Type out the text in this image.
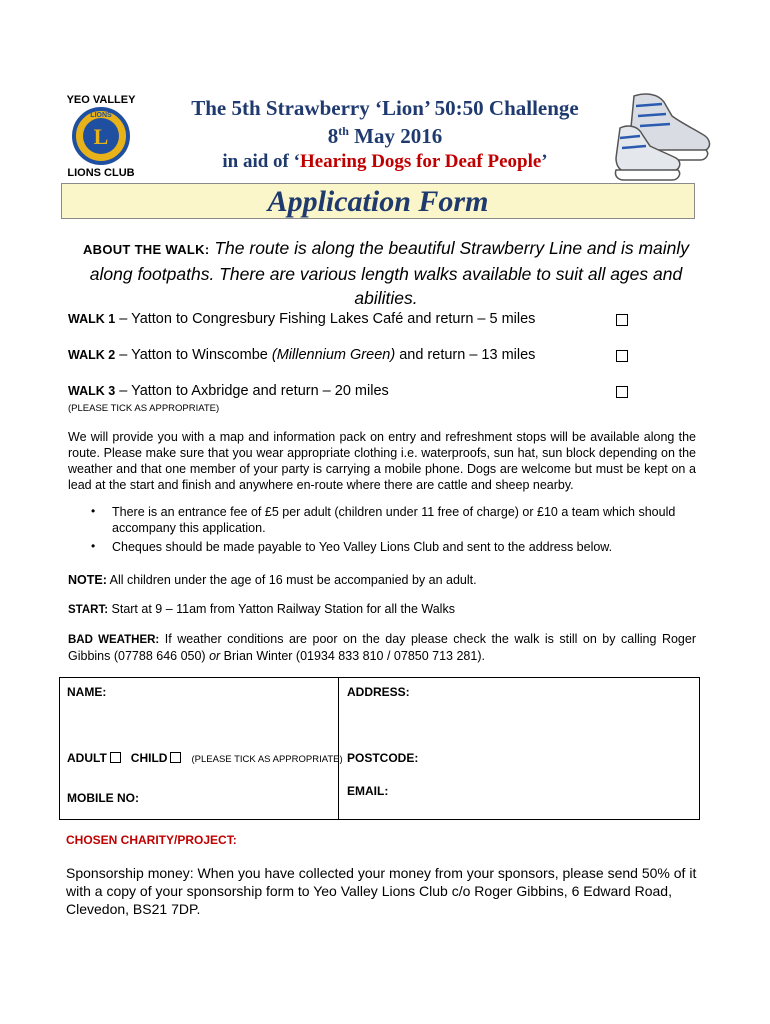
YEO VALLEY
L
LIONS
LIONS CLUB
The 5th Strawberry ‘Lion’ 50:50 Challenge
8th May 2016
in aid of ‘Hearing Dogs for Deaf People’
Application Form
ABOUT THE WALK: The route is along the beautiful Strawberry Line and is mainly along footpaths. There are various length walks available to suit all ages and abilities.
WALK 1 – Yatton to Congresbury Fishing Lakes Café and return – 5 miles
WALK 2 – Yatton to Winscombe (Millennium Green) and return – 13 miles
WALK 3 – Yatton to Axbridge and return – 20 miles
(PLEASE TICK AS APPROPRIATE)
We will provide you with a map and information pack on entry and refreshment stops will be available along the route. Please make sure that you wear appropriate clothing i.e. waterproofs, sun hat, sun block depending on the weather and that one member of your party is carrying a mobile phone. Dogs are welcome but must be kept on a lead at the start and finish and anywhere en-route where there are cattle and sheep nearby.
• There is an entrance fee of £5 per adult (children under 11 free of charge) or £10 a team which should accompany this application.
• Cheques should be made payable to Yeo Valley Lions Club and sent to the address below.
NOTE: All children under the age of 16 must be accompanied by an adult.
START: Start at 9 – 11am from Yatton Railway Station for all the Walks
BAD WEATHER: If weather conditions are poor on the day please check the walk is still on by calling Roger Gibbins (07788 646 050) or Brian Winter (01934 833 810 / 07850 713 281).
NAME:	ADDRESS:
ADULT CHILD	(PLEASE TICK AS APPROPRIATE) POSTCODE:
MOBILE NO:	EMAIL:
CHOSEN CHARITY/PROJECT:
Sponsorship money: When you have collected your money from your sponsors, please send 50% of it with a copy of your sponsorship form to Yeo Valley Lions Club c/o Roger Gibbins, 6 Edward Road, Clevedon, BS21 7DP.
